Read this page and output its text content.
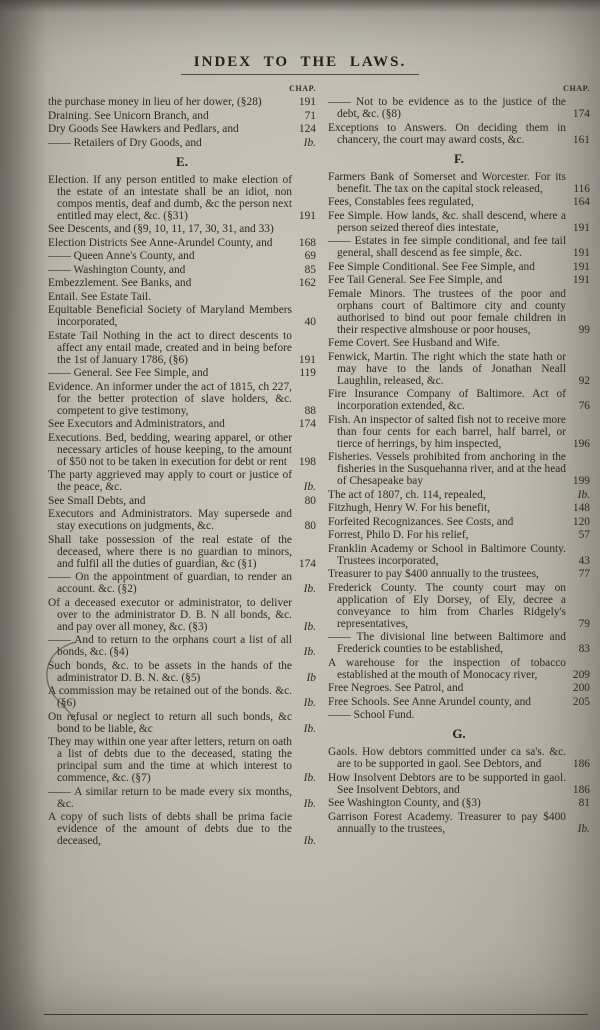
INDEX TO THE LAWS.
CHAP.	CHAP.
the purchase money in lieu of her dower, (§28)	191
Draining. See Unicorn Branch, and	71
Dry Goods See Hawkers and Pedlars, and	124
—— Retailers of Dry Goods, and	Ib.
E.
Election. If any person entitled to make election of the estate of an intestate shall be an idiot, non compos mentis, deaf and dumb, &c the person next entitled may elect, &c. (§31)	191
See Descents, and (§9, 10, 11, 17, 30, 31, and 33)
Election Districts See Anne-Arundel County, and	168
—— Queen Anne's County, and	69
—— Washington County, and	85
Embezzlement. See Banks, and	162
Entail. See Estate Tail.
Equitable Beneficial Society of Maryland Members incorporated,	40
Estate Tail Nothing in the act to direct descents to affect any entail made, created and in being before the 1st of January 1786, (§6)	191
—— General. See Fee Simple, and	119
Evidence. An informer under the act of 1815, ch 227, for the better protection of slave holders, &c. competent to give testimony,	88
See Executors and Administrators, and	174
Executions. Bed, bedding, wearing apparel, or other necessary articles of house keeping, to the amount of $50 not to be taken in execution for debt or rent	198
The party aggrieved may apply to court or justice of the peace, &c.	Ib.
See Small Debts, and	80
Executors and Administrators. May supersede and stay executions on judgments, &c.	80
Shall take possession of the real estate of the deceased, where there is no guardian to minors, and fulfil all the duties of guardian, &c (§1)	174
—— On the appointment of guardian, to render an account. &c. (§2)	Ib.
Of a deceased executor or administrator, to deliver over to the administrator D. B. N all bonds, &c. and pay over all money, &c. (§3)	Ib.
—— And to return to the orphans court a list of all bonds, &c. (§4)	Ib.
Such bonds, &c. to be assets in the hands of the administrator D. B. N. &c. (§5)	Ib
A commission may be retained out of the bonds. &c. (§6)	Ib.
On refusal or neglect to return all such bonds, &c bond to be liable, &c	Ib.
They may within one year after letters, return on oath a list of debts due to the deceased, stating the principal sum and the time at which interest to commence, &c. (§7)	Ib.
—— A similar return to be made every six months, &c.	Ib.
A copy of such lists of debts shall be prima facie evidence of the amount of debts due to the deceased,	Ib.
—— Not to be evidence as to the justice of the debt, &c. (§8)	174
Exceptions to Answers. On deciding them in chancery, the court may award costs, &c.	161
F.
Farmers Bank of Somerset and Worcester. For its benefit. The tax on the capital stock released,	116
Fees, Constables fees regulated,	164
Fee Simple. How lands, &c. shall descend, where a person seized thereof dies intestate,	191
—— Estates in fee simple conditional, and fee tail general, shall descend as fee simple, &c.	191
Fee Simple Conditional. See Fee Simple, and	191
Fee Tail General. See Fee Simple, and	191
Female Minors. The trustees of the poor and orphans court of Baltimore city and county authorised to bind out poor female children in their respective almshouse or poor houses,	99
Feme Covert. See Husband and Wife.
Fenwick, Martin. The right which the state hath or may have to the lands of Jonathan Neall Laughlin, released, &c.	92
Fire Insurance Company of Baltimore. Act of incorporation extended, &c.	76
Fish. An inspector of salted fish not to receive more than four cents for each barrel, half barrel, or tierce of herrings, by him inspected,	196
Fisheries. Vessels prohibited from anchoring in the fisheries in the Susquehanna river, and at the head of Chesapeake bay	199
The act of 1807, ch. 114, repealed,	Ib.
Fitzhugh, Henry W. For his benefit,	148
Forfeited Recognizances. See Costs, and	120
Forrest, Philo D. For his relief,	57
Franklin Academy or School in Baltimore County. Trustees incorporated,	43
Treasurer to pay $400 annually to the trustees,	77
Frederick County. The county court may on application of Ely Dorsey, of Ely, decree a conveyance to him from Charles Ridgely's representatives,	79
—— The divisional line between Baltimore and Frederick counties to be established,	83
A warehouse for the inspection of tobacco established at the mouth of Monocacy river,	209
Free Negroes. See Patrol, and	200
Free Schools. See Anne Arundel county, and	205
—— School Fund.
G.
Gaols. How debtors committed under ca sa's. &c. are to be supported in gaol. See Debtors, and	186
How Insolvent Debtors are to be supported in gaol. See Insolvent Debtors, and	186
See Washington County, and (§3)	81
Garrison Forest Academy. Treasurer to pay $400 annually to the trustees,	Ib.
